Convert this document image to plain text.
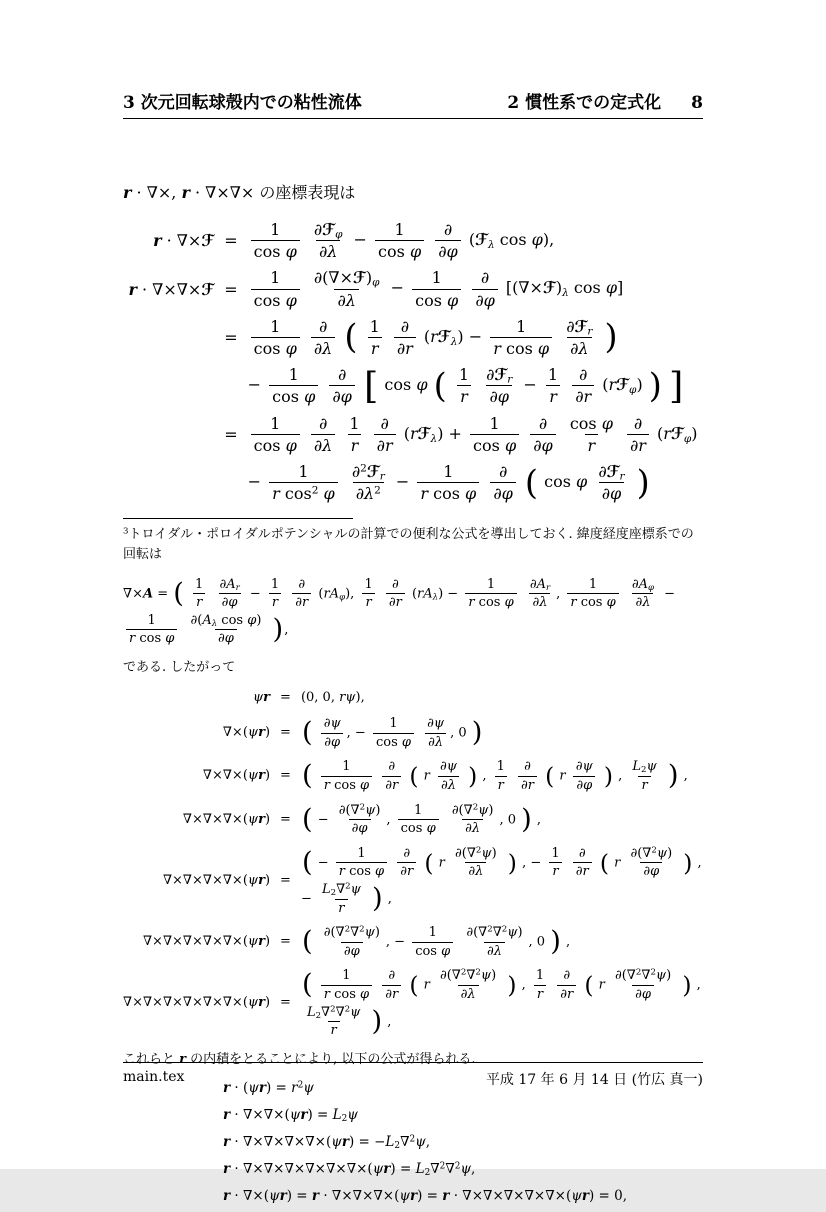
3 次元回転球殻内での粘性流体	2 慣性系での定式化 8

r · ∇×, r · ∇×∇× の座標表現は

r · ∇×ℱ = $\frac{1}{\text{cos φ}}$
$\frac{\partial ℱ_\varphi}{\partial\lambda} - \frac{1}{\text{cos φ}}$
$\frac{\partial}{\partial\varphi}$ (ℱ$_\lambda$ cos φ),
r · ∇×∇×ℱ = $\frac{1}{\text{cos φ}}$
$\frac{\partial(\nabla\times ℱ)_\varphi}{\partial\lambda} - \frac{1}{\text{cos φ}}$
$\frac{\partial}{\partial\varphi}$ [$(\nabla\times ℱ)_\lambda$ cos φ]
= $\frac{1}{\text{cos φ}}$
$\frac{\partial}{\partial\lambda}$ ( $\frac{1}{r}$
$\frac{\partial}{\partial r}$ (rℱ$_\lambda$) − $\frac{1}{\text{r cos φ}}$
$\frac{\partial ℱ_r}{\partial\lambda}$ )
− $\frac{1}{\text{cos φ}}$
$\frac{\partial}{\partial\varphi}$ [ cos φ ( $\frac{1}{r}$
$\frac{\partial ℱ_r}{\partial\varphi} - \frac{1}{r}$
$\frac{\partial}{\partial r}$ (rℱ$_\varphi$) ) ]
= $\frac{1}{\text{cos φ}}$
$\frac{\partial}{\partial\lambda}$
$\frac{1}{r}$
$\frac{\partial}{\partial r}$ (rℱ$_\lambda$) + $\frac{1}{\text{cos φ}}$
$\frac{\partial}{\partial\varphi}$
$\frac{\text{cos φ}}{r}$
$\frac{\partial}{\partial r}$ (rℱ$_\varphi$)
− $\frac{1}{r \cos^2 \varphi}$
$\frac{\partial^2ℱ_r}{\partial\lambda^2} - \frac{1}{\text{r cos φ}}$
$\frac{\partial}{\partial\varphi}$ ( cos φ $\frac{\partial ℱ_r}{\partial\varphi}$ )

$^3$トロイダル・ポロイダルポテンシャルの計算での便利な公式を導出しておく. 緯度経度座標系での回転は

∇×A = ( $\frac{1}{r}$
$\frac{\partial A_r}{\partial\varphi} - \frac{1}{r}$
$\frac{\partial}{\partial r} (rA_\varphi)$, $\frac{1}{r}$
$\frac{\partial}{\partial r} (rA_\lambda) - \frac{1}{\text{r cos φ}}$
$\frac{\partial A_r}{\partial\lambda}$ , $\frac{1}{\text{r cos φ}}$
$\frac{\partial A_\varphi}{\partial\lambda}$ −
$\frac{1}{\text{r cos φ}}$
$\frac{\partial(A_\lambda \cos \varphi)}{\partial\varphi}$ ),

である. したがって

ψr = (0, 0, rψ),
∇×(ψr) = ( $\frac{\partial\psi}{\partial\varphi}$ , − $\frac{1}{\text{cos φ}}$
$\frac{\partial\psi}{\partial\lambda}$ , 0 )
∇×∇×(ψr) = ( $\frac{1}{\text{r cos φ}}$
$\frac{\partial}{\partial r}$ ( r $\frac{\partial\psi}{\partial\lambda}$ ) , $\frac{1}{r}$
$\frac{\partial}{\partial r}$ ( r $\frac{\partial\psi}{\partial\varphi}$ ) , $\frac{L_2\psi}{r}$ ) ,
∇×∇×∇×(ψr) = ( − $\frac{\partial(\nabla^2\psi)}{\partial\varphi}$ , $\frac{1}{\text{cos φ}}$
$\frac{\partial(\nabla^2\psi)}{\partial\lambda}$ , 0 ) ,
∇×∇×∇×∇×(ψr) =
( − $\frac{1}{\text{r cos φ}}$
$\frac{\partial}{\partial r}$ ( r $\frac{\partial(\nabla^2\psi)}{\partial\lambda}$ ) , − $\frac{1}{r}$
$\frac{\partial}{\partial r}$ ( r $\frac{\partial(\nabla^2\psi)}{\partial\varphi}$ ) , − $\frac{L_2\nabla^2\psi}{r}$ ) ,
∇×∇×∇×∇×∇×(ψr) = ( $\frac{\partial(\nabla^2\nabla^2\psi)}{\partial\varphi}$ , − $\frac{1}{\text{cos φ}}$
$\frac{\partial(\nabla^2\nabla^2\psi)}{\partial\lambda}$ , 0 ) ,
∇×∇×∇×∇×∇×∇×(ψr) =
( $\frac{1}{\text{r cos φ}}$
$\frac{\partial}{\partial r}$ ( r $\frac{\partial(\nabla^2\nabla^2\psi)}{\partial\lambda}$ ) , $\frac{1}{r}$
$\frac{\partial}{\partial r}$ ( r $\frac{\partial(\nabla^2\nabla^2\psi)}{\partial\varphi}$ ) ,
$\frac{L_2\nabla^2\nabla^2\psi}{r}$ ) ,

これらと r の内積をとることにより, 以下の公式が得られる.

$r \cdot (\psi r) = r^2\psi$
$r \cdot \nabla\times\nabla\times(\psi r) = L_2\psi$
$r \cdot \nabla\times\nabla\times\nabla\times\nabla\times(\psi r) = -L_2\nabla^2\psi$,
$r \cdot \nabla\times\nabla\times\nabla\times\nabla\times\nabla\times\nabla\times(\psi r) = L_2\nabla^2\nabla^2\psi$,
r · ∇×(ψr) = r · ∇×∇×∇×(ψr) = r · ∇×∇×∇×∇×∇×(ψr) = 0,
main.tex	平成 17 年 6 月 14 日 (竹広 真一)
